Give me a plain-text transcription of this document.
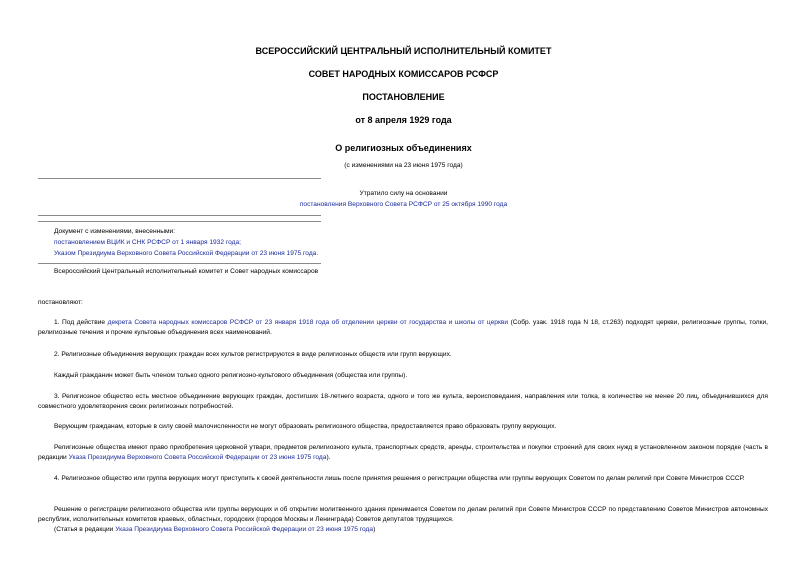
ВСЕРОССИЙСКИЙ ЦЕНТРАЛЬНЫЙ ИСПОЛНИТЕЛЬНЫЙ КОМИТЕТ
СОВЕТ НАРОДНЫХ КОМИССАРОВ РСФСР
ПОСТАНОВЛЕНИЕ
от 8 апреля 1929 года
О религиозных объединениях
(с изменениями на 23 июня 1975 года)
Утратило силу на основании
постановления Верховного Совета РСФСР от 25 октября 1990 года
Документ с изменениями, внесенными:
постановлением ВЦИК и СНК РСФСР от 1 января 1932 года;
Указом Президиума Верховного Совета Российской Федерации от 23 июня 1975 года.
Всероссийский Центральный исполнительный комитет и Совет народных комиссаров
постановляют:
1. Под действие декрета Совета народных комиссаров РСФСР от 23 января 1918 года об отделении церкви от государства и школы от церкви (Собр. узак. 1918 года N 18, ст.263) подходят церкви, религиозные группы, толки, религиозные течения и прочие культовые объединения всех наименований.
2. Религиозные объединения верующих граждан всех культов регистрируются в виде религиозных обществ или групп верующих.
Каждый гражданин может быть членом только одного религиозно-культового объединения (общества или группы).
3. Религиозное общество есть местное объединение верующих граждан, достигших 18-летнего возраста, одного и того же культа, вероисповедания, направления или толка, в количестве не менее 20 лиц, объединившихся для совместного удовлетворения своих религиозных потребностей.
Верующим гражданам, которые в силу своей малочисленности не могут образовать религиозного общества, предоставляется право образовать группу верующих.
Религиозные общества имеют право приобретения церковной утвари, предметов религиозного культа, транспортных средств, аренды, строительства и покупки строений для своих нужд в установленном законом порядке (часть в редакции Указа Президиума Верховного Совета Российской Федерации от 23 июня 1975 года).
4. Религиозное общество или группа верующих могут приступить к своей деятельности лишь после принятия решения о регистрации общества или группы верующих Советом по делам религий при Совете Министров СССР.
Решение о регистрации религиозного общества или группы верующих и об открытии молитвенного здания принимается Советом по делам религий при Совете Министров СССР по представлению Советов Министров автономных республик, исполнительных комитетов краевых, областных, городских (городов Москвы и Ленинграда) Советов депутатов трудящихся.
(Статья в редакции Указа Президиума Верховного Совета Российской Федерации от 23 июня 1975 года)
